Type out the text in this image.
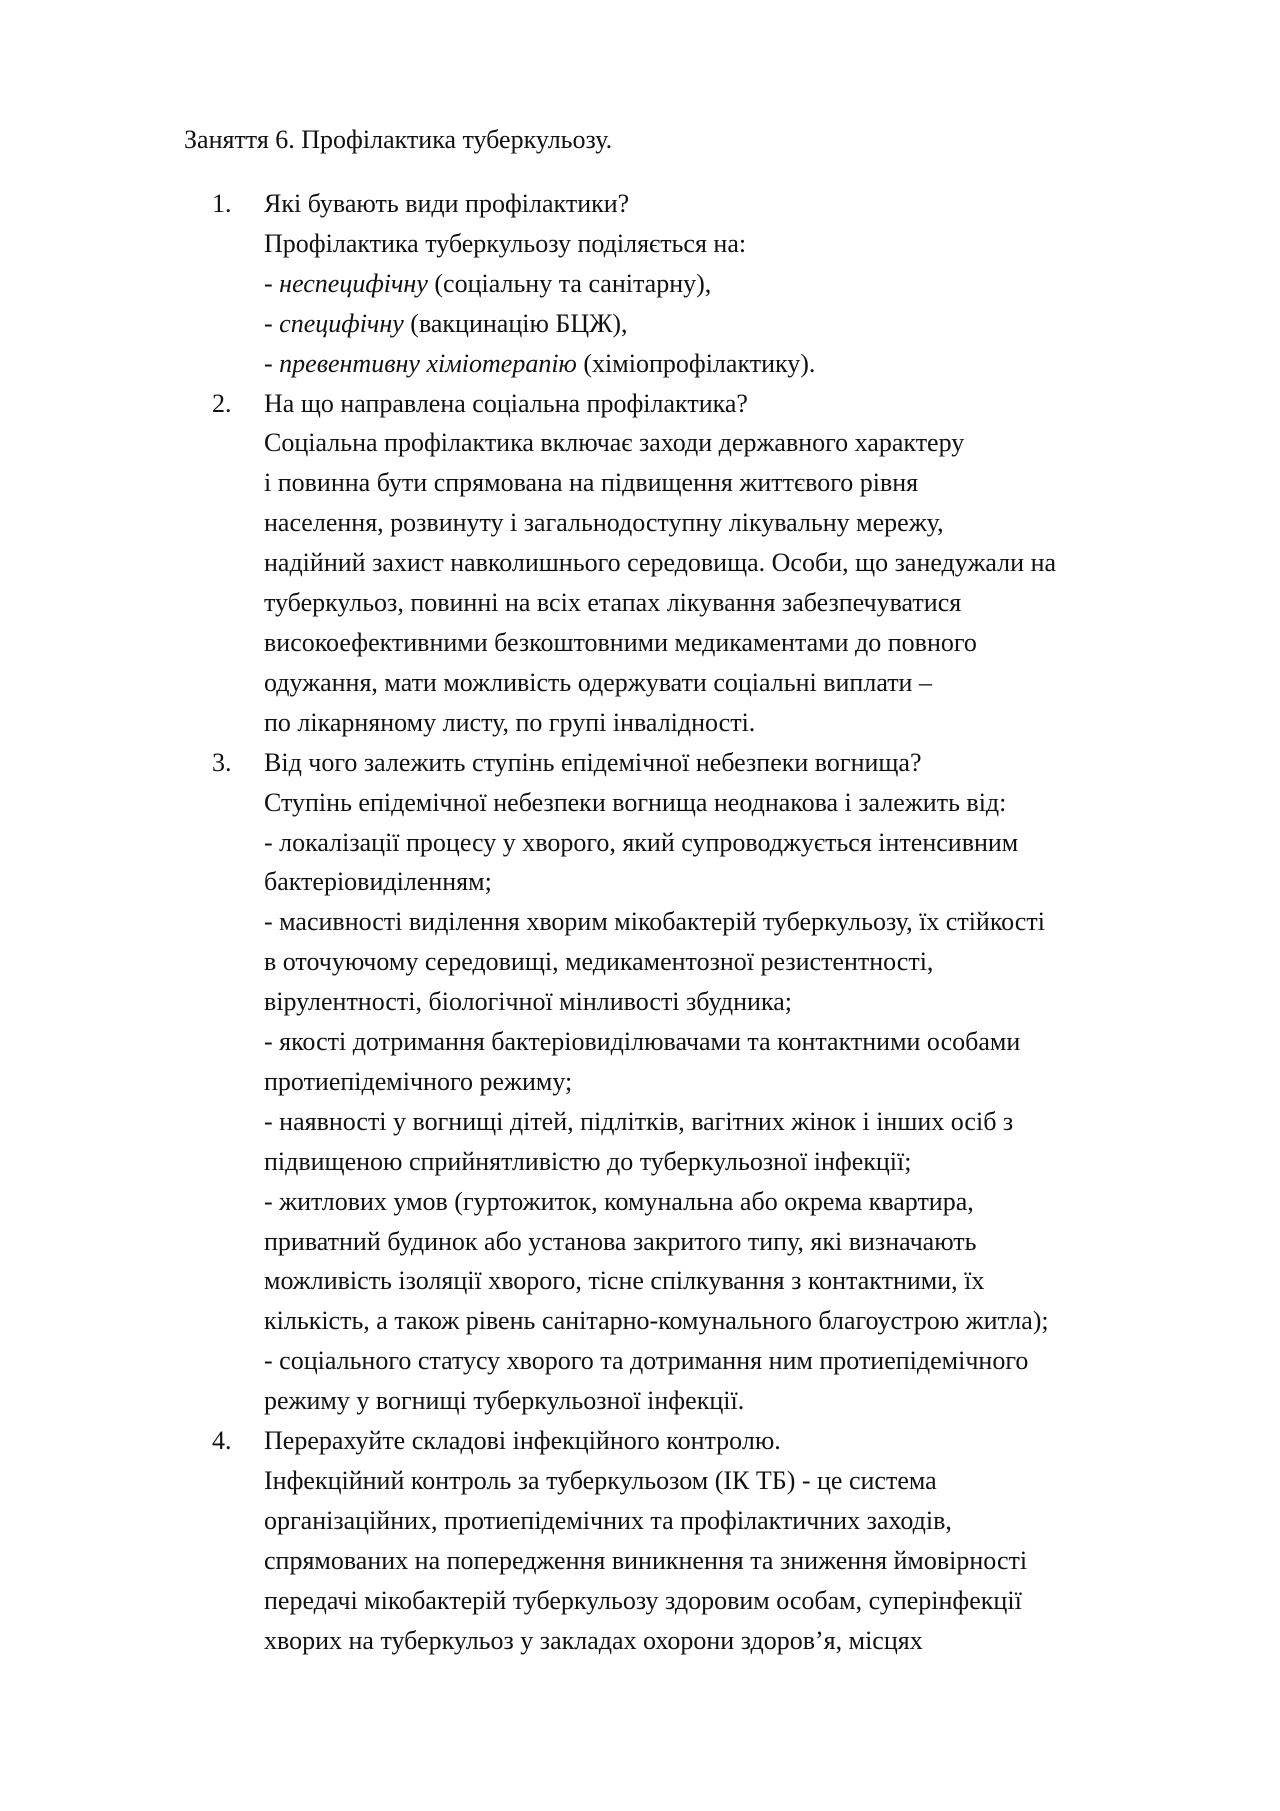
Заняття 6. Профілактика туберкульозу.
1. Які бувають види профілактики?
Профілактика туберкульозу поділяється на:
- неспецифічну (соціальну та санітарну),
- специфічну (вакцинацію БЦЖ),
- превентивну хіміотерапію (хіміопрофілактику).
2. На що направлена соціальна профілактика?
Соціальна профілактика включає заходи державного характеру
і повинна бути спрямована на підвищення життєвого рівня
населення, розвинуту і загальнодоступну лікувальну мережу,
надійний захист навколишнього середовища. Особи, що занедужали на
туберкульоз, повинні на всіх етапах лікування забезпечуватися
високоефективними безкоштовними медикаментами до повного
одужання, мати можливість одержувати соціальні виплати –
по лікарняному листу, по групі інвалідності.
3. Від чого залежить ступінь епідемічної небезпеки вогнища?
Ступінь епідемічної небезпеки вогнища неоднакова і залежить від:
- локалізації процесу у хворого, який супроводжується інтенсивним
бактеріовиділенням;
- масивності виділення хворим мікобактерій туберкульозу, їх стійкості
в оточуючому середовищі, медикаментозної резистентності,
вірулентності, біологічної мінливості збудника;
- якості дотримання бактеріовиділювачами та контактними особами
протиепідемічного режиму;
- наявності у вогнищі дітей, підлітків, вагітних жінок і інших осіб з
підвищеною сприйнятливістю до туберкульозної інфекції;
- житлових умов (гуртожиток, комунальна або окрема квартира,
приватний будинок або установа закритого типу, які визначають
можливість ізоляції хворого, тісне спілкування з контактними, їх
кількість, а також рівень санітарно-комунального благоустрою житла);
- соціального статусу хворого та дотримання ним протиепідемічного
режиму у вогнищі туберкульозної інфекції.
4. Перерахуйте складові інфекційного контролю.
Інфекційний контроль за туберкульозом (ІК ТБ) - це система
організаційних, протиепідемічних та профілактичних заходів,
спрямованих на попередження виникнення та зниження ймовірності
передачі мікобактерій туберкульозу здоровим особам, суперінфекції
хворих на туберкульоз у закладах охорони здоров’я, місцях
